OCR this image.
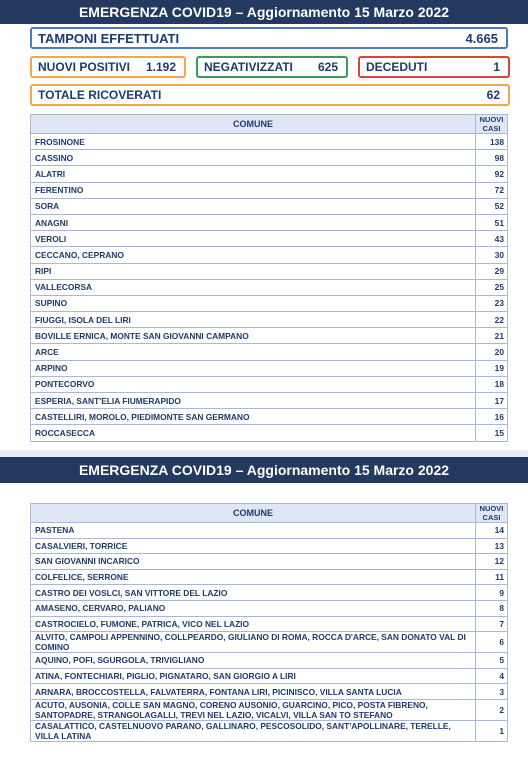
EMERGENZA COVID19 – Aggiornamento 15 Marzo 2022
TAMPONI EFFETTUATI	4.665
NUOVI POSITIVI 1.192	NEGATIVIZZATI 625	DECEDUTI	1
TOTALE RICOVERATI	62
COMUNE	NUOVI CASI
FROSINONE	138
CASSINO	98
ALATRI	92
FERENTINO	72
SORA	52
ANAGNI	51
VEROLI	43
CECCANO, CEPRANO	30
RIPI	29
VALLECORSA	25
SUPINO	23
FIUGGI, ISOLA DEL LIRI	22
BOVILLE ERNICA, MONTE SAN GIOVANNI CAMPANO	21
ARCE	20
ARPINO	19
PONTECORVO	18
ESPERIA, SANT'ELIA FIUMERAPIDO	17
CASTELLIRI, MOROLO, PIEDIMONTE SAN GERMANO	16
ROCCASECCA	15
EMERGENZA COVID19 – Aggiornamento 15 Marzo 2022
COMUNE	NUOVI CASI
PASTENA	14
CASALVIERI, TORRICE	13
SAN GIOVANNI INCARICO	12
COLFELICE, SERRONE	11
CASTRO DEI VOSLCI, SAN VITTORE DEL LAZIO	9
AMASENO, CERVARO, PALIANO	8
CASTROCIELO, FUMONE, PATRICA, VICO NEL LAZIO	7
ALVITO, CAMPOLI APPENNINO, COLLPEARDO, GIULIANO DI ROMA, ROCCA D'ARCE, SAN DONATO VAL DI COMINO	6
AQUINO, POFI, SGURGOLA, TRIVIGLIANO	5
ATINA, FONTECHIARI, PIGLIO, PIGNATARO, SAN GIORGIO A LIRI	4
ARNARA, BROCCOSTELLA, FALVATERRA, FONTANA LIRI, PICINISCO, VILLA SANTA LUCIA	3
ACUTO, AUSONIA, COLLE SAN MAGNO, CORENO AUSONIO, GUARCINO, PICO, POSTA FIBRENO, SANTOPADRE, STRANGOLAGALLI, TREVI NEL LAZIO, VICALVI, VILLA SAN TO STEFANO	2
CASALATTICO, CASTELNUOVO PARANO, GALLINARO, PESCOSOLIDO, SANT'APOLLINARE, TERELLE, VILLA LATINA	1
